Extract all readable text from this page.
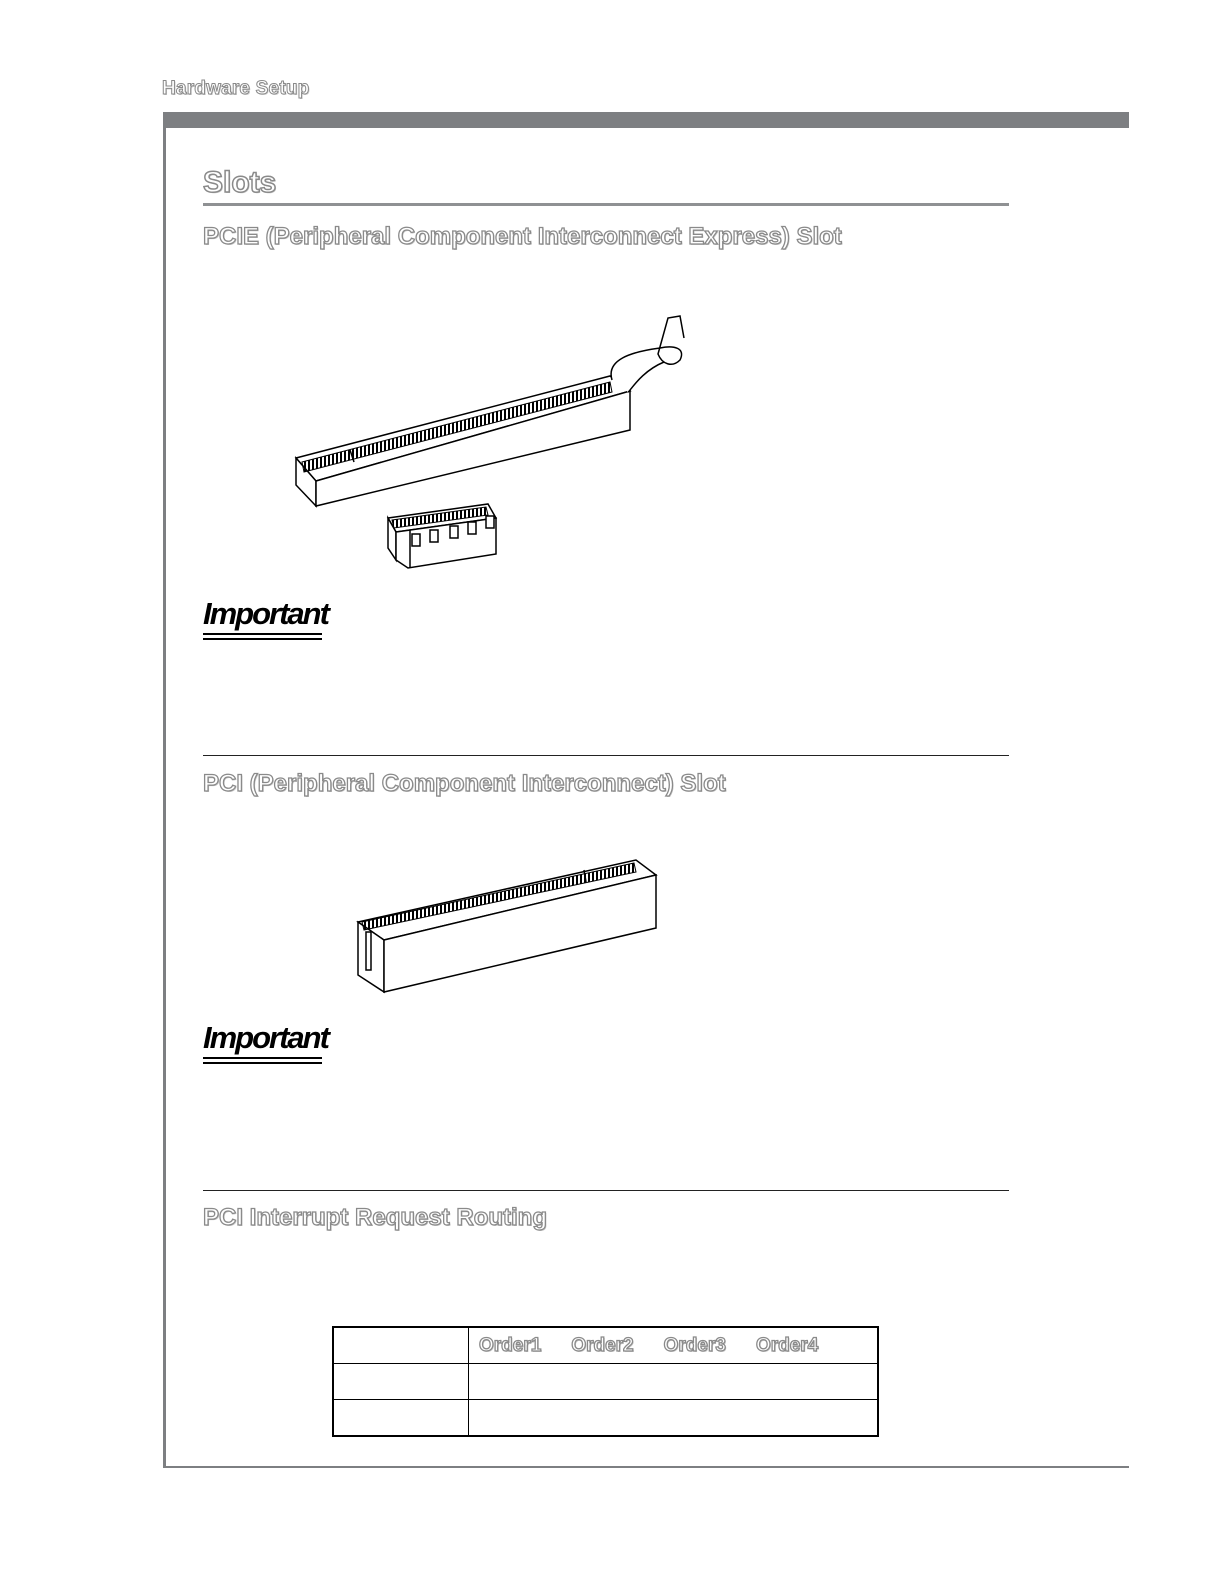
Hardware Setup
Slots
PCIE (Peripheral Component Interconnect Express) Slot
Important
PCI (Peripheral Component Interconnect) Slot
Important
PCI Interrupt Request Routing

	Order1 Order2 Order3 Order4
